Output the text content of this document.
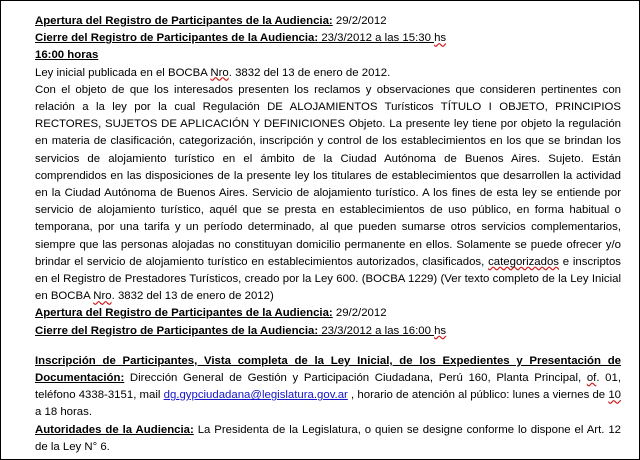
Apertura del Registro de Participantes de la Audiencia: 29/2/2012

Cierre del Registro de Participantes de la Audiencia: 23/3/2012 a las 15:30 hs

16:00 horas

Ley inicial publicada en el BOCBA Nro. 3832 del 13 de enero de 2012.

Con el objeto de que los interesados presenten los reclamos y observaciones que consideren pertinentes con relación a la ley por la cual Regulación DE ALOJAMIENTOS Turísticos TÍTULO I OBJETO, PRINCIPIOS RECTORES, SUJETOS DE APLICACIÓN Y DEFINICIONES Objeto. La presente ley tiene por objeto la regulación en materia de clasificación, categorización, inscripción y control de los establecimientos en los que se brindan los servicios de alojamiento turístico en el ámbito de la Ciudad Autónoma de Buenos Aires. Sujeto. Están comprendidos en las disposiciones de la presente ley los titulares de establecimientos que desarrollen la actividad en la Ciudad Autónoma de Buenos Aires. Servicio de alojamiento turístico. A los fines de esta ley se entiende por servicio de alojamiento turístico, aquél que se presta en establecimientos de uso público, en forma habitual o temporana, por una tarifa y un período determinado, al que pueden sumarse otros servicios complementarios, siempre que las personas alojadas no constituyan domicilio permanente en ellos. Solamente se puede ofrecer y/o brindar el servicio de alojamiento turístico en establecimientos autorizados, clasificados, categorizados e inscriptos en el Registro de Prestadores Turísticos, creado por la Ley 600. (BOCBA 1229) (Ver texto completo de la Ley Inicial en BOCBA Nro. 3832 del 13 de enero de 2012)

Apertura del Registro de Participantes de la Audiencia: 29/2/2012

Cierre del Registro de Participantes de la Audiencia: 23/3/2012 a las 16:00 hs

Inscripción de Participantes, Vista completa de la Ley Inicial, de los Expedientes y Presentación de Documentación: Dirección General de Gestión y Participación Ciudadana, Perú 160, Planta Principal, of. 01, teléfono 4338-3151, mail dg.gypciudadana@legislatura.gov.ar , horario de atención al público: lunes a viernes de 10 a 18 horas.

Autoridades de la Audiencia: La Presidenta de la Legislatura, o quien se designe conforme lo dispone el Art. 12 de la Ley N° 6.
